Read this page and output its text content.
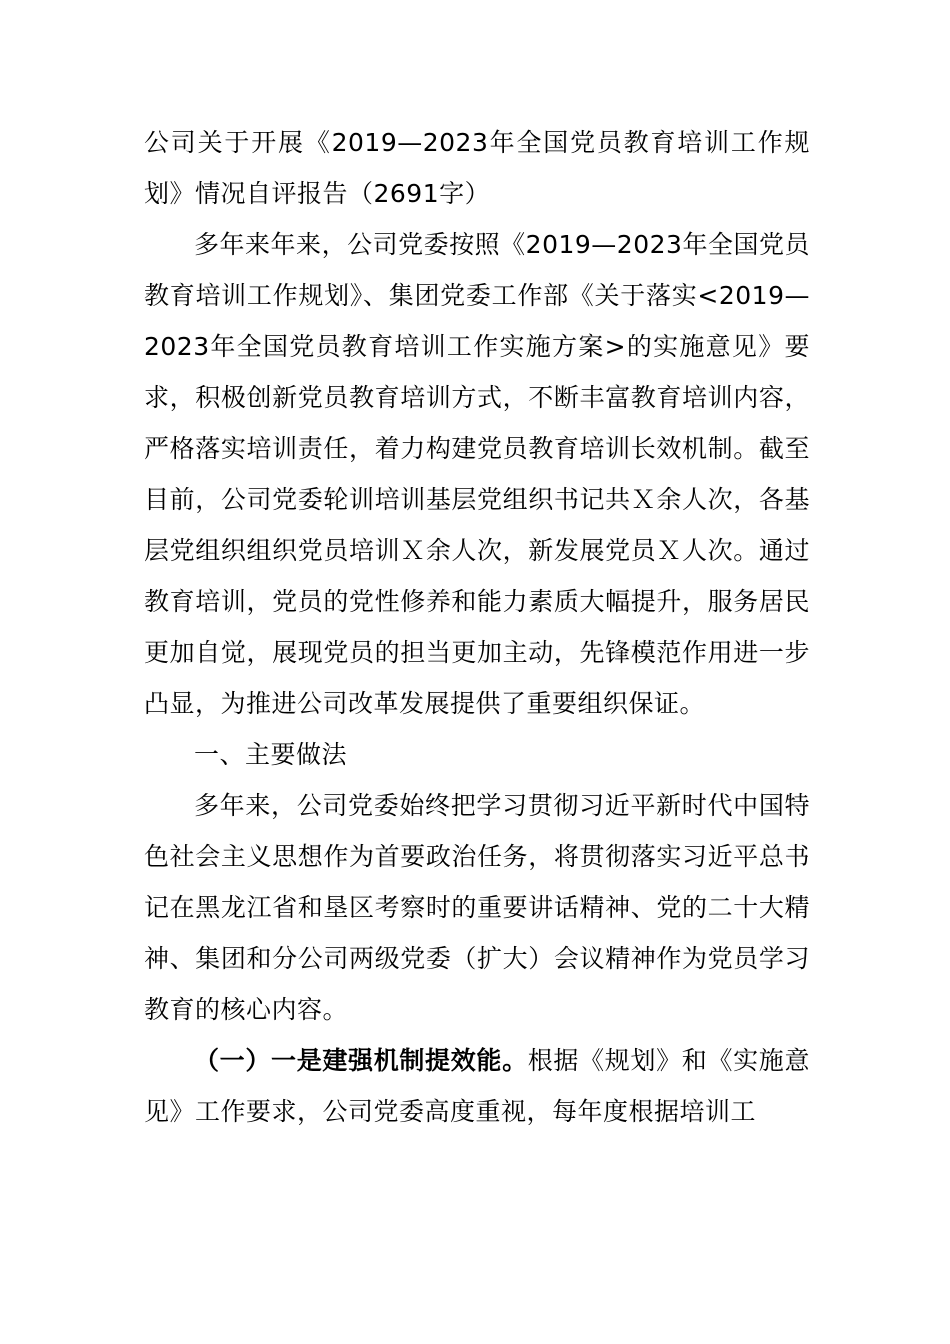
公司关于开展《2019—2023年全国党员教育培训工作规划》情况自评报告（2691字）

多年来年来，公司党委按照《2019—2023年全国党员教育培训工作规划》、集团党委工作部《关于落实<2019—2023年全国党员教育培训工作实施方案>的实施意见》要求，积极创新党员教育培训方式，不断丰富教育培训内容，严格落实培训责任，着力构建党员教育培训长效机制。截至目前，公司党委轮训培训基层党组织书记共Ｘ余人次，各基层党组织组织党员培训Ｘ余人次，新发展党员Ｘ人次。通过教育培训，党员的党性修养和能力素质大幅提升，服务居民更加自觉，展现党员的担当更加主动，先锋模范作用进一步凸显，为推进公司改革发展提供了重要组织保证。

一、主要做法

多年来，公司党委始终把学习贯彻习近平新时代中国特色社会主义思想作为首要政治任务，将贯彻落实习近平总书记在黑龙江省和垦区考察时的重要讲话精神、党的二十大精神、集团和分公司两级党委（扩大）会议精神作为党员学习教育的核心内容。

（一）一是建强机制提效能。根据《规划》和《实施意见》工作要求，公司党委高度重视，每年度根据培训工
